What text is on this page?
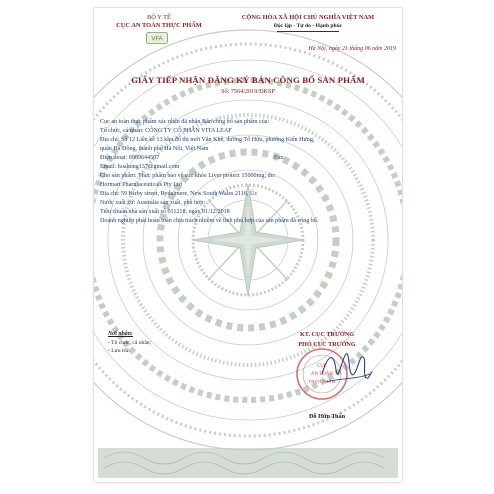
BỘ Y TẾ
CỤC AN TOÀN THỰC PHẨM
VFA
CỘNG HÒA XÃ HỘI CHỦ NGHĨA VIỆT NAM
Độc lập - Tự do - Hạnh phúc
Hà Nội, ngày 21 tháng 06 năm 2019
GIẤY TIẾP NHẬN ĐĂNG KÝ BẢN CÔNG BỐ SẢN PHẨM
Số: 7564/2019/ĐKSP
Cục an toàn thực phẩm xác nhận đã nhận Bản công bố sản phẩm của:
Tổ chức, cá nhân: CÔNG TY CỔ PHẦN VITA LEAF
Địa chỉ: Số 12 Liền kề 13 khu đô thị mới Văn Khê, đường Tố Hữu, phường Kiến Hưng,
quận Hà Đông, thành phố Hà Nội, Việt Nam
Điện thoại: 0989644567	Fax:
Email: hoahong137@gmail.com
Cho sản phẩm: Thực phẩm bảo vệ sức khỏe Liver protect 15000mg; do:
Hormart Pharmaceuticals Pty Ltd
Địa chỉ: 59 Kirby street, Rydalmere, New South Wales 2116, Úc
Nước xuất xứ: Australia sản xuất, phù hợp:
Tiêu chuẩn nhà sản xuất số 011218, ngày 01/12/2018
Doanh nghiệp phải hoàn toàn chịu trách nhiệm về tính phù hợp của sản phẩm đã công bố.
Nơi nhận:
- Tổ chức, cá nhân;
- Lưu trữ.
KT. CỤC TRƯỞNG
PHÓ CỤC TRƯỞNG
CỤC
AN TOÀN
THỰC PHẨM
Đỗ Hữu Tuấn
